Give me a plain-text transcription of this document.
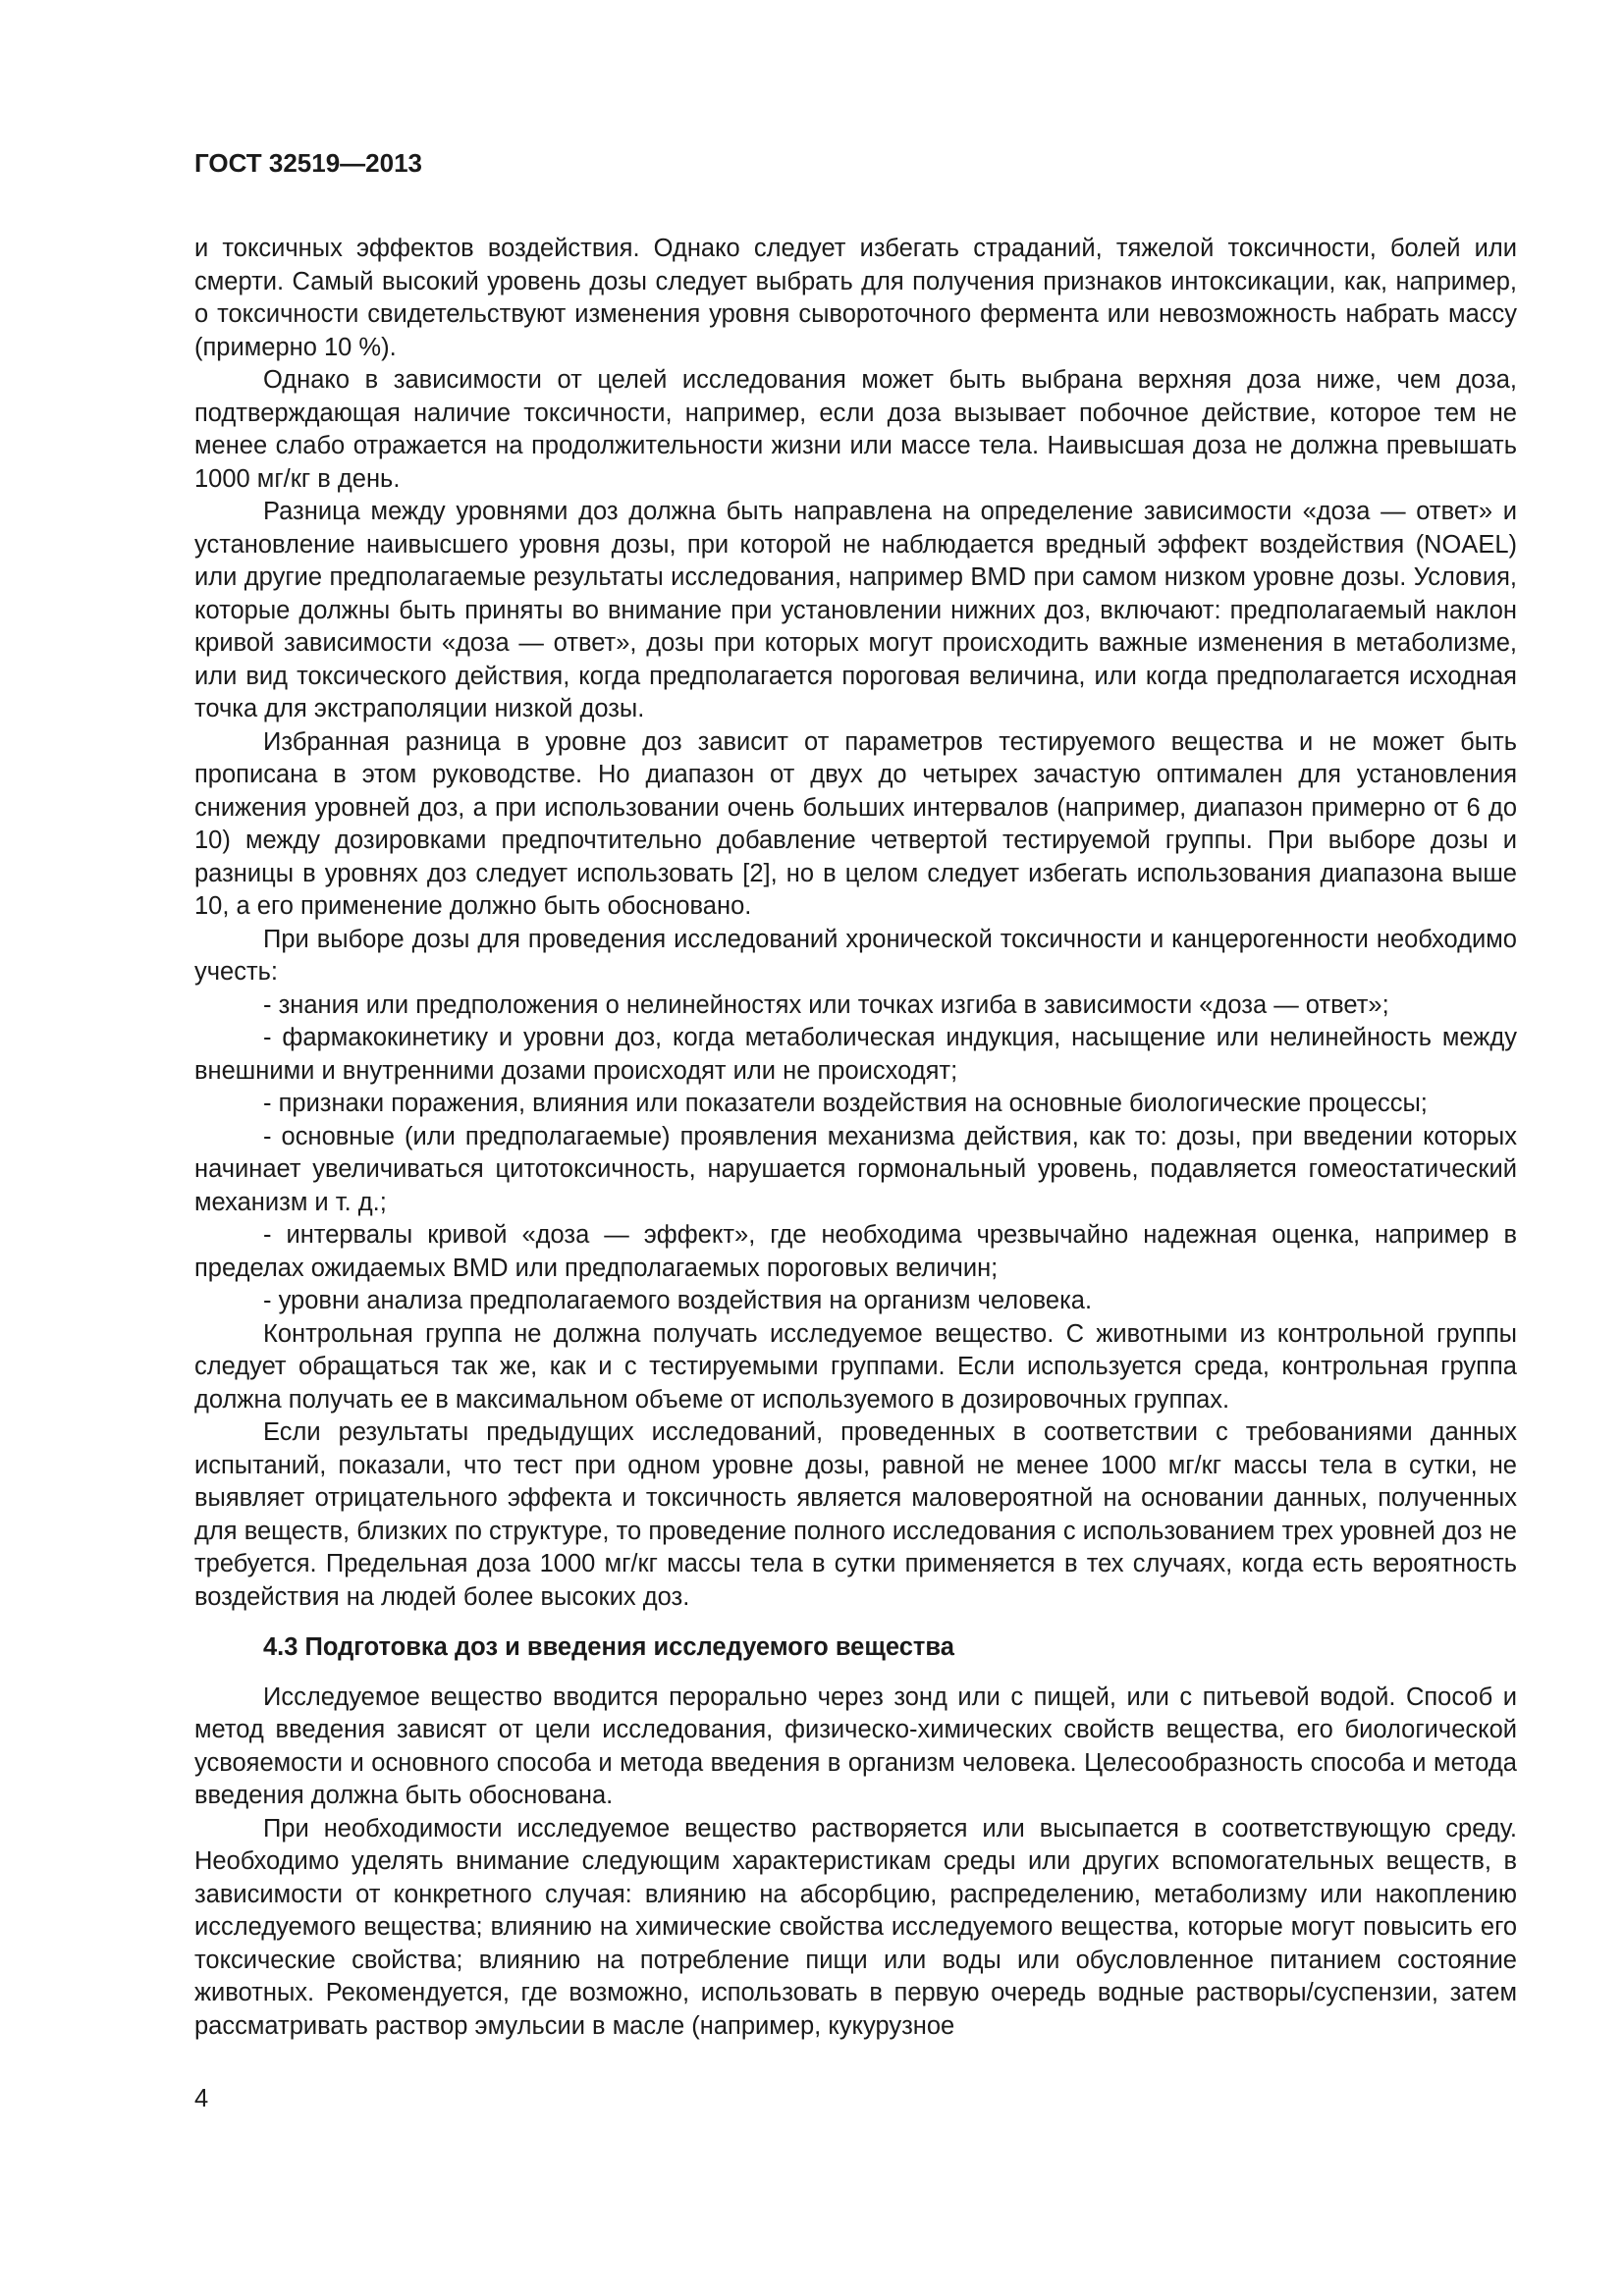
ГОСТ 32519—2013

и токсичных эффектов воздействия. Однако следует избегать страданий, тяжелой токсичности, болей или смерти. Самый высокий уровень дозы следует выбрать для получения признаков интоксикации, как, например, о токсичности свидетельствуют изменения уровня сывороточного фермента или невозможность набрать массу (примерно 10 %).

Однако в зависимости от целей исследования может быть выбрана верхняя доза ниже, чем доза, подтверждающая наличие токсичности, например, если доза вызывает побочное действие, которое тем не менее слабо отражается на продолжительности жизни или массе тела. Наивысшая доза не должна превышать 1000 мг/кг в день.

Разница между уровнями доз должна быть направлена на определение зависимости «доза — ответ» и установление наивысшего уровня дозы, при которой не наблюдается вредный эффект воздействия (NOAEL) или другие предполагаемые результаты исследования, например BMD при самом низком уровне дозы. Условия, которые должны быть приняты во внимание при установлении нижних доз, включают: предполагаемый наклон кривой зависимости «доза — ответ», дозы при которых могут происходить важные изменения в метаболизме, или вид токсического действия, когда предполагается пороговая величина, или когда предполагается исходная точка для экстраполяции низкой дозы.

Избранная разница в уровне доз зависит от параметров тестируемого вещества и не может быть прописана в этом руководстве. Но диапазон от двух до четырех зачастую оптимален для установления снижения уровней доз, а при использовании очень больших интервалов (например, диапазон примерно от 6 до 10) между дозировками предпочтительно добавление четвертой тестируемой группы. При выборе дозы и разницы в уровнях доз следует использовать [2], но в целом следует избегать использования диапазона выше 10, а его применение должно быть обосновано.

При выборе дозы для проведения исследований хронической токсичности и канцерогенности необходимо учесть:

- знания или предположения о нелинейностях или точках изгиба в зависимости «доза — ответ»;

- фармакокинетику и уровни доз, когда метаболическая индукция, насыщение или нелинейность между внешними и внутренними дозами происходят или не происходят;

- признаки поражения, влияния или показатели воздействия на основные биологические процессы;

- основные (или предполагаемые) проявления механизма действия, как то: дозы, при введении которых начинает увеличиваться цитотоксичность, нарушается гормональный уровень, подавляется гомеостатический механизм и т. д.;

- интервалы кривой «доза — эффект», где необходима чрезвычайно надежная оценка, например в пределах ожидаемых BMD или предполагаемых пороговых величин;

- уровни анализа предполагаемого воздействия на организм человека.

Контрольная группа не должна получать исследуемое вещество. С животными из контрольной группы следует обращаться так же, как и с тестируемыми группами. Если используется среда, контрольная группа должна получать ее в максимальном объеме от используемого в дозировочных группах.

Если результаты предыдущих исследований, проведенных в соответствии с требованиями данных испытаний, показали, что тест при одном уровне дозы, равной не менее 1000 мг/кг массы тела в сутки, не выявляет отрицательного эффекта и токсичность является маловероятной на основании данных, полученных для веществ, близких по структуре, то проведение полного исследования с использованием трех уровней доз не требуется. Предельная доза 1000 мг/кг массы тела в сутки применяется в тех случаях, когда есть вероятность воздействия на людей более высоких доз.

4.3 Подготовка доз и введения исследуемого вещества

Исследуемое вещество вводится перорально через зонд или с пищей, или с питьевой водой. Способ и метод введения зависят от цели исследования, физическо-химических свойств вещества, его биологической усвояемости и основного способа и метода введения в организм человека. Целесообразность способа и метода введения должна быть обоснована.

При необходимости исследуемое вещество растворяется или высыпается в соответствующую среду. Необходимо уделять внимание следующим характеристикам среды или других вспомогательных веществ, в зависимости от конкретного случая: влиянию на абсорбцию, распределению, метаболизму или накоплению исследуемого вещества; влиянию на химические свойства исследуемого вещества, которые могут повысить его токсические свойства; влиянию на потребление пищи или воды или обусловленное питанием состояние животных. Рекомендуется, где возможно, использовать в первую очередь водные растворы/суспензии, затем рассматривать раствор эмульсии в масле (например, кукурузное

4
